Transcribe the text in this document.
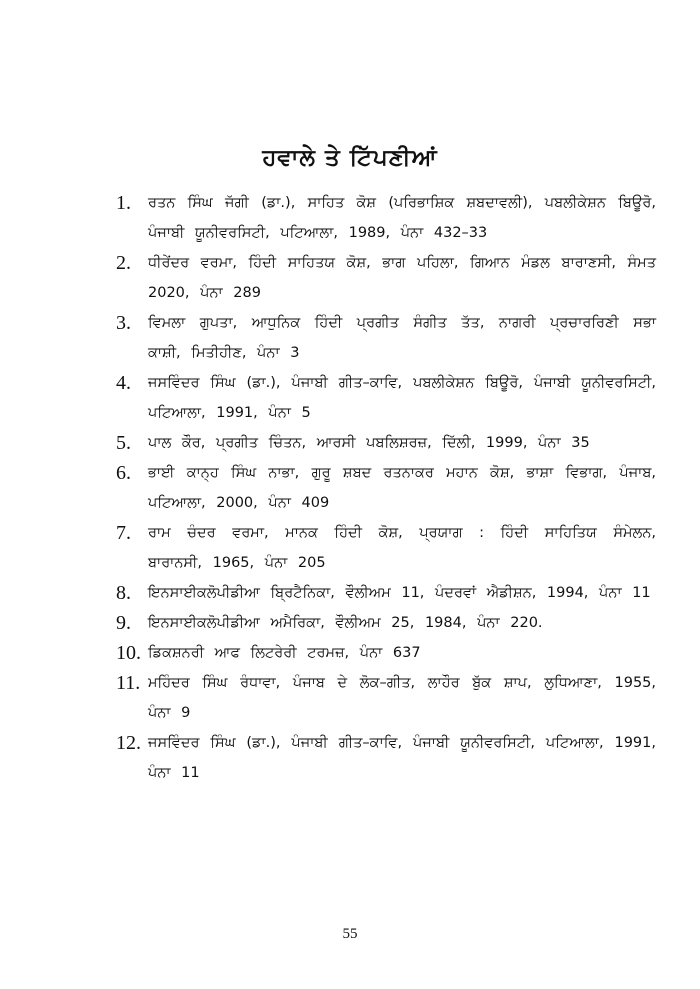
ਹਵਾਲੇ ਤੇ ਟਿੱਪਣੀਆਂ
1. ਰਤਨ ਸਿੰਘ ਜੱਗੀ (ਡਾ.), ਸਾਹਿਤ ਕੋਸ਼ (ਪਰਿਭਾਸ਼ਿਕ ਸ਼ਬਦਾਵਲੀ), ਪਬਲੀਕੇਸ਼ਨ ਬਿਊਰੋ, ਪੰਜਾਬੀ ਯੂਨੀਵਰਸਿਟੀ, ਪਟਿਆਲਾ, 1989, ਪੰਨਾ 432–33
2. ਧੀਰੇਂਦਰ ਵਰਮਾ, ਹਿੰਦੀ ਸਾਹਿਤਯ ਕੋਸ਼, ਭਾਗ ਪਹਿਲਾ, ਗਿਆਨ ਮੰਡਲ ਬਾਰਾਣਸੀ, ਸੰਮਤ 2020, ਪੰਨਾ 289
3. ਵਿਮਲਾ ਗੁਪਤਾ, ਆਧੁਨਿਕ ਹਿੰਦੀ ਪ੍ਰਗੀਤ ਸੰਗੀਤ ਤੱਤ, ਨਾਗਰੀ ਪ੍ਰਚਾਰਰਿਣੀ ਸਭਾ ਕਾਸ਼ੀ, ਮਿਤੀਹੀਣ, ਪੰਨਾ 3
4. ਜਸਵਿੰਦਰ ਸਿੰਘ (ਡਾ.), ਪੰਜਾਬੀ ਗੀਤ–ਕਾਵਿ, ਪਬਲੀਕੇਸ਼ਨ ਬਿਊਰੋ, ਪੰਜਾਬੀ ਯੂਨੀਵਰਸਿਟੀ, ਪਟਿਆਲਾ, 1991, ਪੰਨਾ 5
5. ਪਾਲ ਕੌਰ, ਪ੍ਰਗੀਤ ਚਿੰਤਨ, ਆਰਸੀ ਪਬਲਿਸ਼ਰਜ਼, ਦਿੱਲੀ, 1999, ਪੰਨਾ 35
6. ਭਾਈ ਕਾਨ੍ਹ ਸਿੰਘ ਨਾਭਾ, ਗੁਰੂ ਸ਼ਬਦ ਰਤਨਾਕਰ ਮਹਾਨ ਕੋਸ਼, ਭਾਸ਼ਾ ਵਿਭਾਗ, ਪੰਜਾਬ, ਪਟਿਆਲਾ, 2000, ਪੰਨਾ 409
7. ਰਾਮ ਚੰਦਰ ਵਰਮਾ, ਮਾਨਕ ਹਿੰਦੀ ਕੋਸ਼, ਪ੍ਰਯਾਗ : ਹਿੰਦੀ ਸਾਹਿਤਿਯ ਸੰਮੇਲਨ, ਬਾਰਾਨਸੀ, 1965, ਪੰਨਾ 205
8. ਇਨਸਾਈਕਲੋਪੀਡੀਆ ਬ੍ਰਿਟੈਨਿਕਾ, ਵੌਲੀਅਮ 11, ਪੰਦਰਵਾਂ ਐਡੀਸ਼ਨ, 1994, ਪੰਨਾ 11
9. ਇਨਸਾਈਕਲੋਪੀਡੀਆ ਅਮੈਰਿਕਾ, ਵੌਲੀਅਮ 25, 1984, ਪੰਨਾ 220.
10. ਡਿਕਸ਼ਨਰੀ ਆਫ ਲਿਟਰੇਰੀ ਟਰਮਜ਼, ਪੰਨਾ 637
11. ਮਹਿੰਦਰ ਸਿੰਘ ਰੰਧਾਵਾ, ਪੰਜਾਬ ਦੇ ਲੋਕ–ਗੀਤ, ਲਾਹੌਰ ਬੁੱਕ ਸ਼ਾਪ, ਲੁਧਿਆਣਾ, 1955, ਪੰਨਾ 9
12. ਜਸਵਿੰਦਰ ਸਿੰਘ (ਡਾ.), ਪੰਜਾਬੀ ਗੀਤ–ਕਾਵਿ, ਪੰਜਾਬੀ ਯੂਨੀਵਰਸਿਟੀ, ਪਟਿਆਲਾ, 1991, ਪੰਨਾ 11
55
